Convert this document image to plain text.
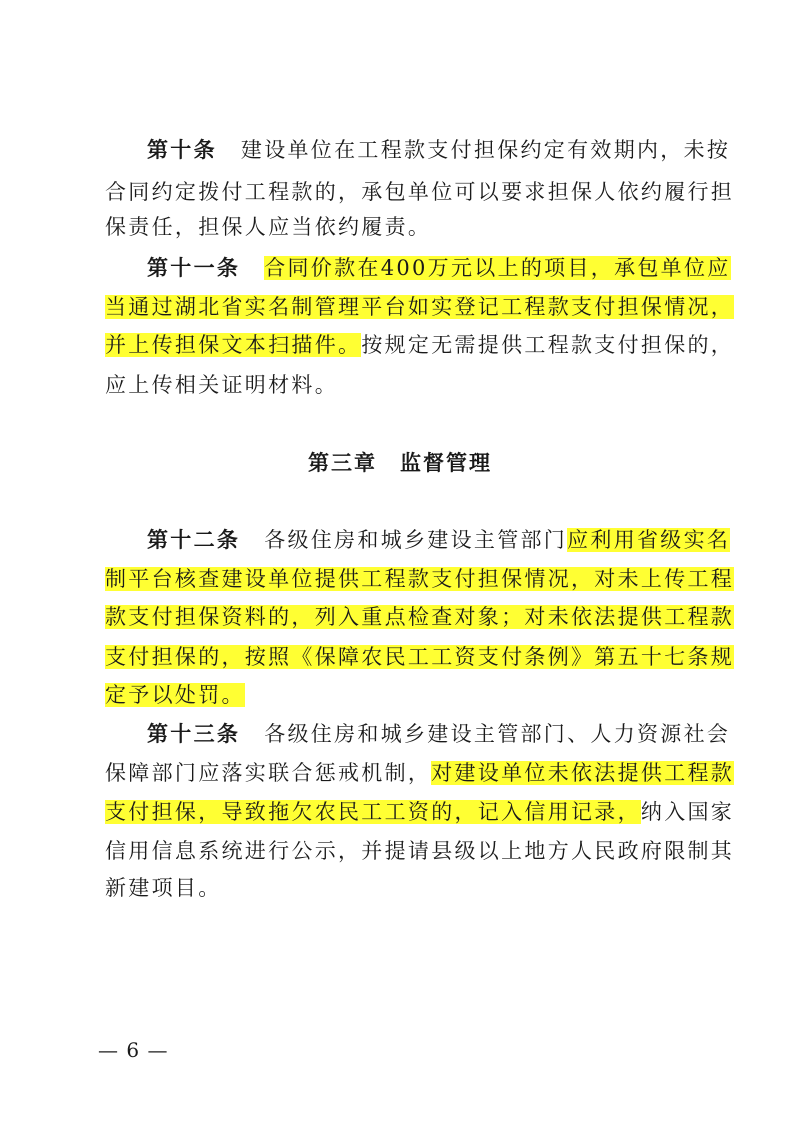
第十条 建设单位在工程款支付担保约定有效期内，未按
合同约定拨付工程款的，承包单位可以要求担保人依约履行担
保责任，担保人应当依约履责。
第十一条 合同价款在400万元以上的项目，承包单位应
当通过湖北省实名制管理平台如实登记工程款支付担保情况，
并上传担保文本扫描件。按规定无需提供工程款支付担保的，
应上传相关证明材料。
第三章　监督管理
第十二条 各级住房和城乡建设主管部门应利用省级实名
制平台核查建设单位提供工程款支付担保情况，对未上传工程
款支付担保资料的，列入重点检查对象；对未依法提供工程款
支付担保的，按照《保障农民工工资支付条例》第五十七条规
定予以处罚。
第十三条 各级住房和城乡建设主管部门、人力资源社会
保障部门应落实联合惩戒机制，对建设单位未依法提供工程款
支付担保，导致拖欠农民工工资的，记入信用记录，纳入国家
信用信息系统进行公示，并提请县级以上地方人民政府限制其
新建项目。
— 6 —
